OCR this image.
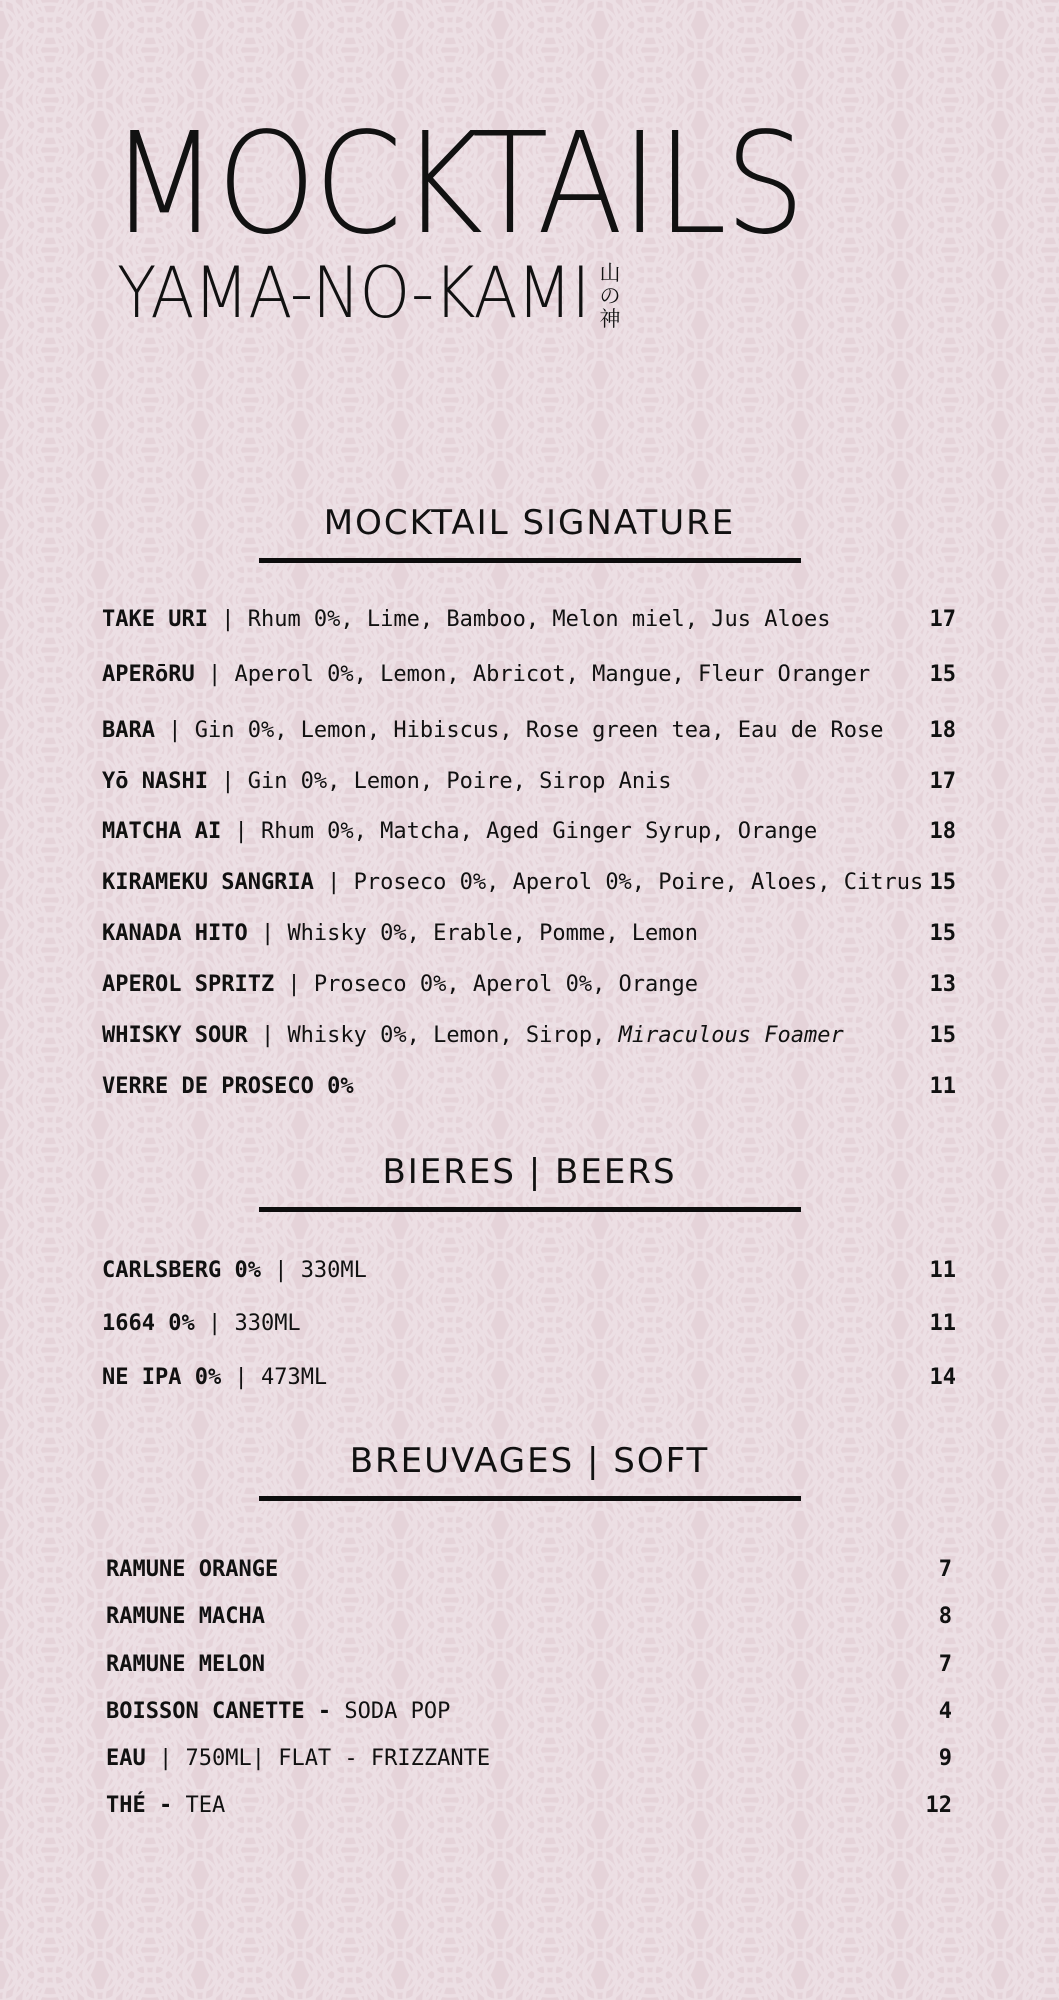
MOCKTAILS
YAMA-NO-KAMI 山
の
神
MOCKTAIL SIGNATURE
TAKE URI | Rhum 0%, Lime, Bamboo, Melon miel, Jus Aloes	17
APERōRU | Aperol 0%, Lemon, Abricot, Mangue, Fleur Oranger	15
BARA | Gin 0%, Lemon, Hibiscus, Rose green tea, Eau de Rose 18
Yō NASHI | Gin 0%, Lemon, Poire, Sirop Anis	17
MATCHA AI | Rhum 0%, Matcha, Aged Ginger Syrup, Orange	18
KIRAMEKU SANGRIA | Proseco 0%, Aperol 0%, Poire, Aloes, Citrus 15
KANADA HITO | Whisky 0%, Erable, Pomme, Lemon	15
APEROL SPRITZ | Proseco 0%, Aperol 0%, Orange	13
WHISKY SOUR | Whisky 0%, Lemon, Sirop, Miraculous Foamer	15
VERRE DE PROSECO 0%	11
BIERES | BEERS
CARLSBERG 0% | 330ML	11
1664 0% | 330ML	11
NE IPA 0% | 473ML	14
BREUVAGES | SOFT
RAMUNE ORANGE	7
RAMUNE MACHA	8
RAMUNE MELON	7
BOISSON CANETTE - SODA POP	4
EAU | 750ML| FLAT - FRIZZANTE	9
THÉ - TEA	12
